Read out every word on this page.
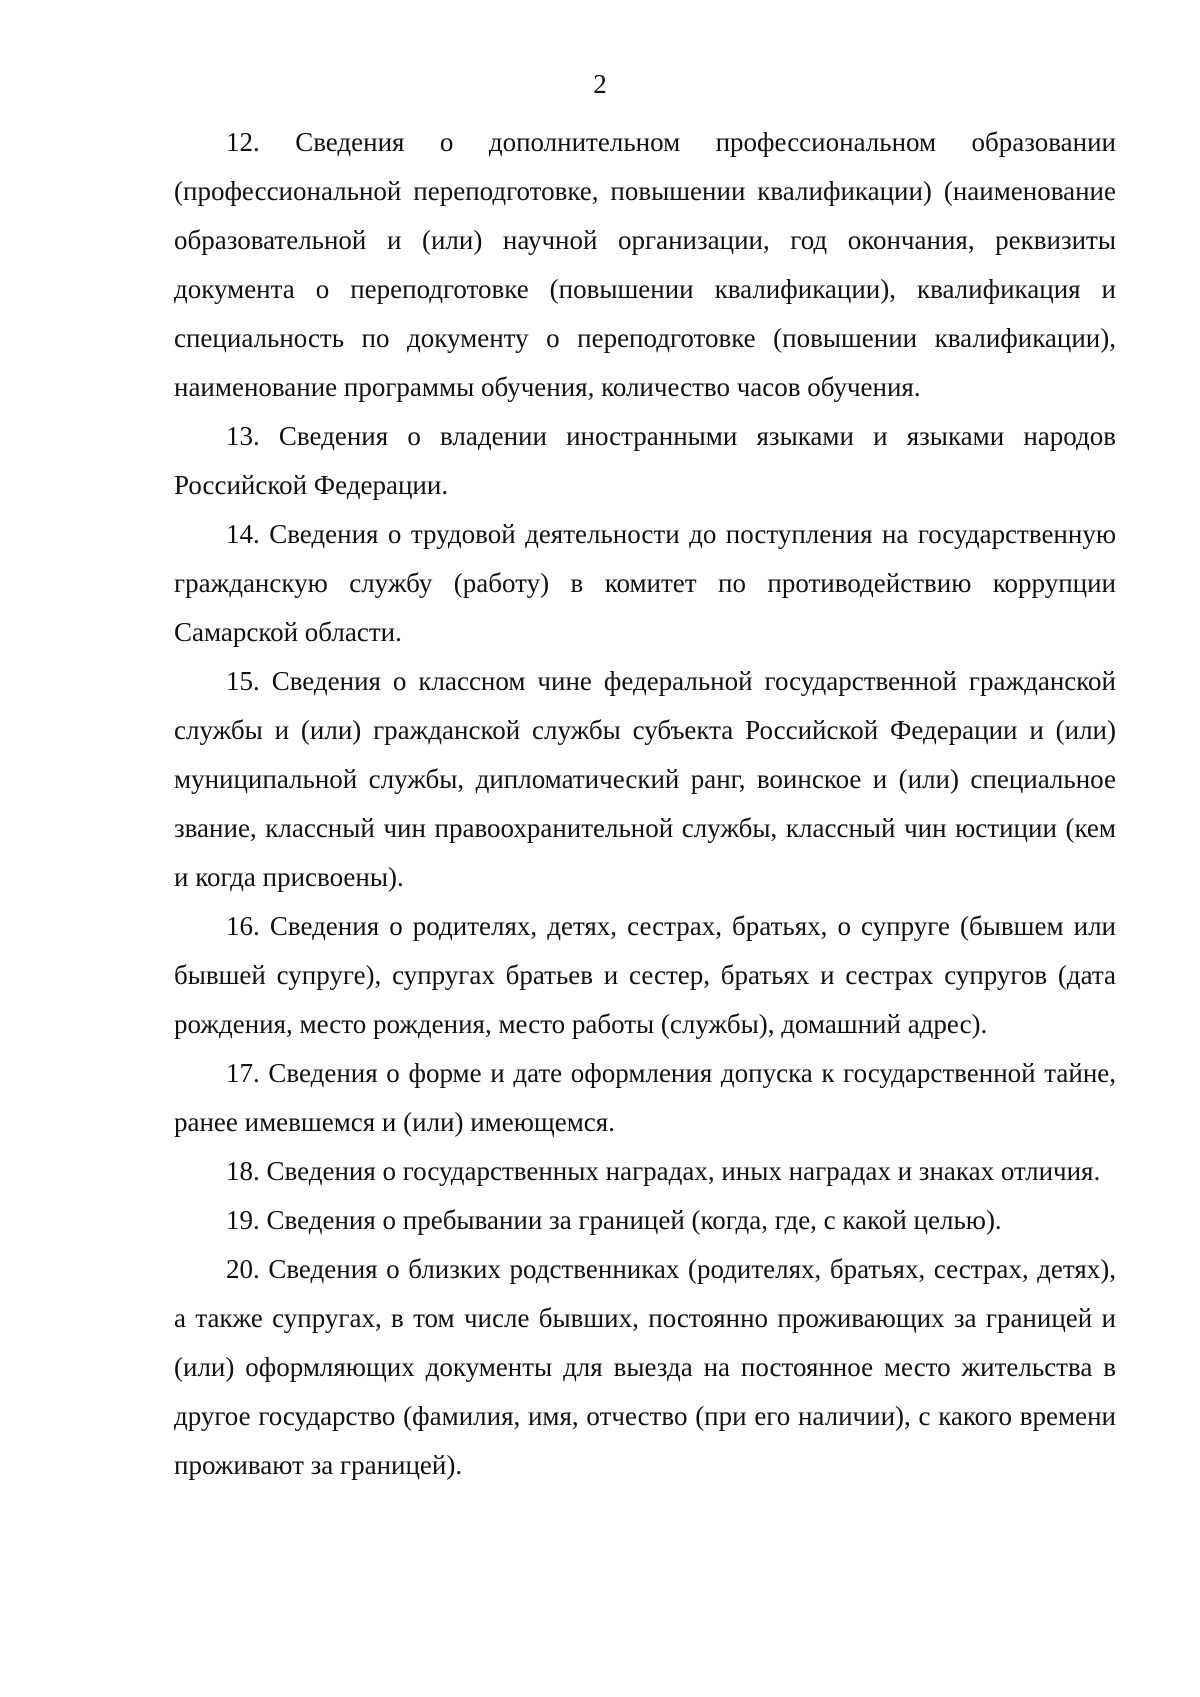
2

12. Сведения о дополнительном профессиональном образовании (профессиональной переподготовке, повышении квалификации) (наименование образовательной и (или) научной организации, год окончания, реквизиты документа о переподготовке (повышении квалификации), квалификация и специальность по документу о переподготовке (повышении квалификации), наименование программы обучения, количество часов обучения.

13. Сведения о владении иностранными языками и языками народов Российской Федерации.

14. Сведения о трудовой деятельности до поступления на государственную гражданскую службу (работу) в комитет по противодействию коррупции Самарской области.

15. Сведения о классном чине федеральной государственной гражданской службы и (или) гражданской службы субъекта Российской Федерации и (или) муниципальной службы, дипломатический ранг, воинское и (или) специальное звание, классный чин правоохранительной службы, классный чин юстиции (кем и когда присвоены).

16. Сведения о родителях, детях, сестрах, братьях, о супруге (бывшем или бывшей супруге), супругах братьев и сестер, братьях и сестрах супругов (дата рождения, место рождения, место работы (службы), домашний адрес).

17. Сведения о форме и дате оформления допуска к государственной тайне, ранее имевшемся и (или) имеющемся.

18. Сведения о государственных наградах, иных наградах и знаках отличия.

19. Сведения о пребывании за границей (когда, где, с какой целью).

20. Сведения о близких родственниках (родителях, братьях, сестрах, детях), а также супругах, в том числе бывших, постоянно проживающих за границей и (или) оформляющих документы для выезда на постоянное место жительства в другое государство (фамилия, имя, отчество (при его наличии), с какого времени проживают за границей).
